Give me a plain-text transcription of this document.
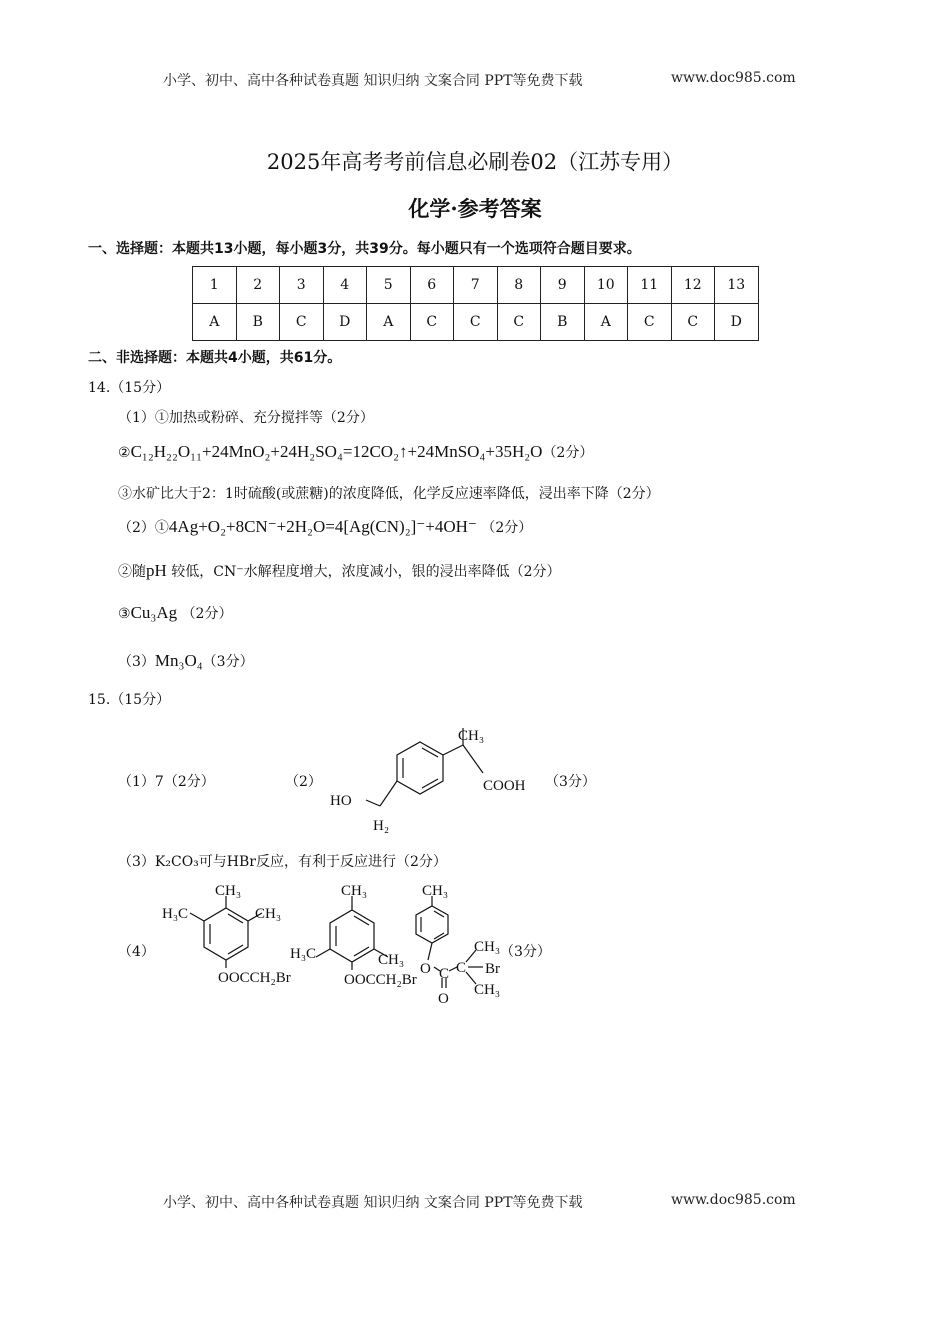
小学、初中、高中各种试卷真题 知识归纳 文案合同 PPT等免费下载	www.doc985.com
2025年高考考前信息必刷卷02（江苏专用）
化学·参考答案
一、选择题：本题共13小题，每小题3分，共39分。每小题只有一个选项符合题目要求。
1	2	3	4	5	6	7	8	9	10	11	12	13
A	B	C	D	A	C	C	C	B	A	C	C	D
二、非选择题：本题共4小题，共61分。
14.（15分）
（1）①加热或粉碎、充分搅拌等（2分）
②C₁₂H₂₂O₁₁+24MnO₂+24H₂SO₄=12CO₂↑+24MnSO₄+35H₂O（2分）
③水矿比大于2：1时硫酸(或蔗糖)的浓度降低，化学反应速率降低，浸出率下降（2分）
（2）①4Ag+O₂+8CN⁻+2H₂O=4[Ag(CN)₂]⁻+4OH⁻ （2分）
②随pH 较低，CN⁻水解程度增大，浓度减小，银的浸出率降低（2分）
③Cu₃Ag （2分）
（3）Mn₃O₄（3分）
15.（15分）
（1）7（2分）	（2）	（3分）
（3）K₂CO₃可与HBr反应，有利于反应进行（2分）
（4）	（3分）
CH₃
COOH
HO
H₂
CH₃
H₃C	CH₃
OOCCH₂Br
CH₃
H₃C	CH₃
OOCCH₂Br
CH₃
O C
O
C
CH₃
Br
CH₃
小学、初中、高中各种试卷真题 知识归纳 文案合同 PPT等免费下载	www.doc985.com
